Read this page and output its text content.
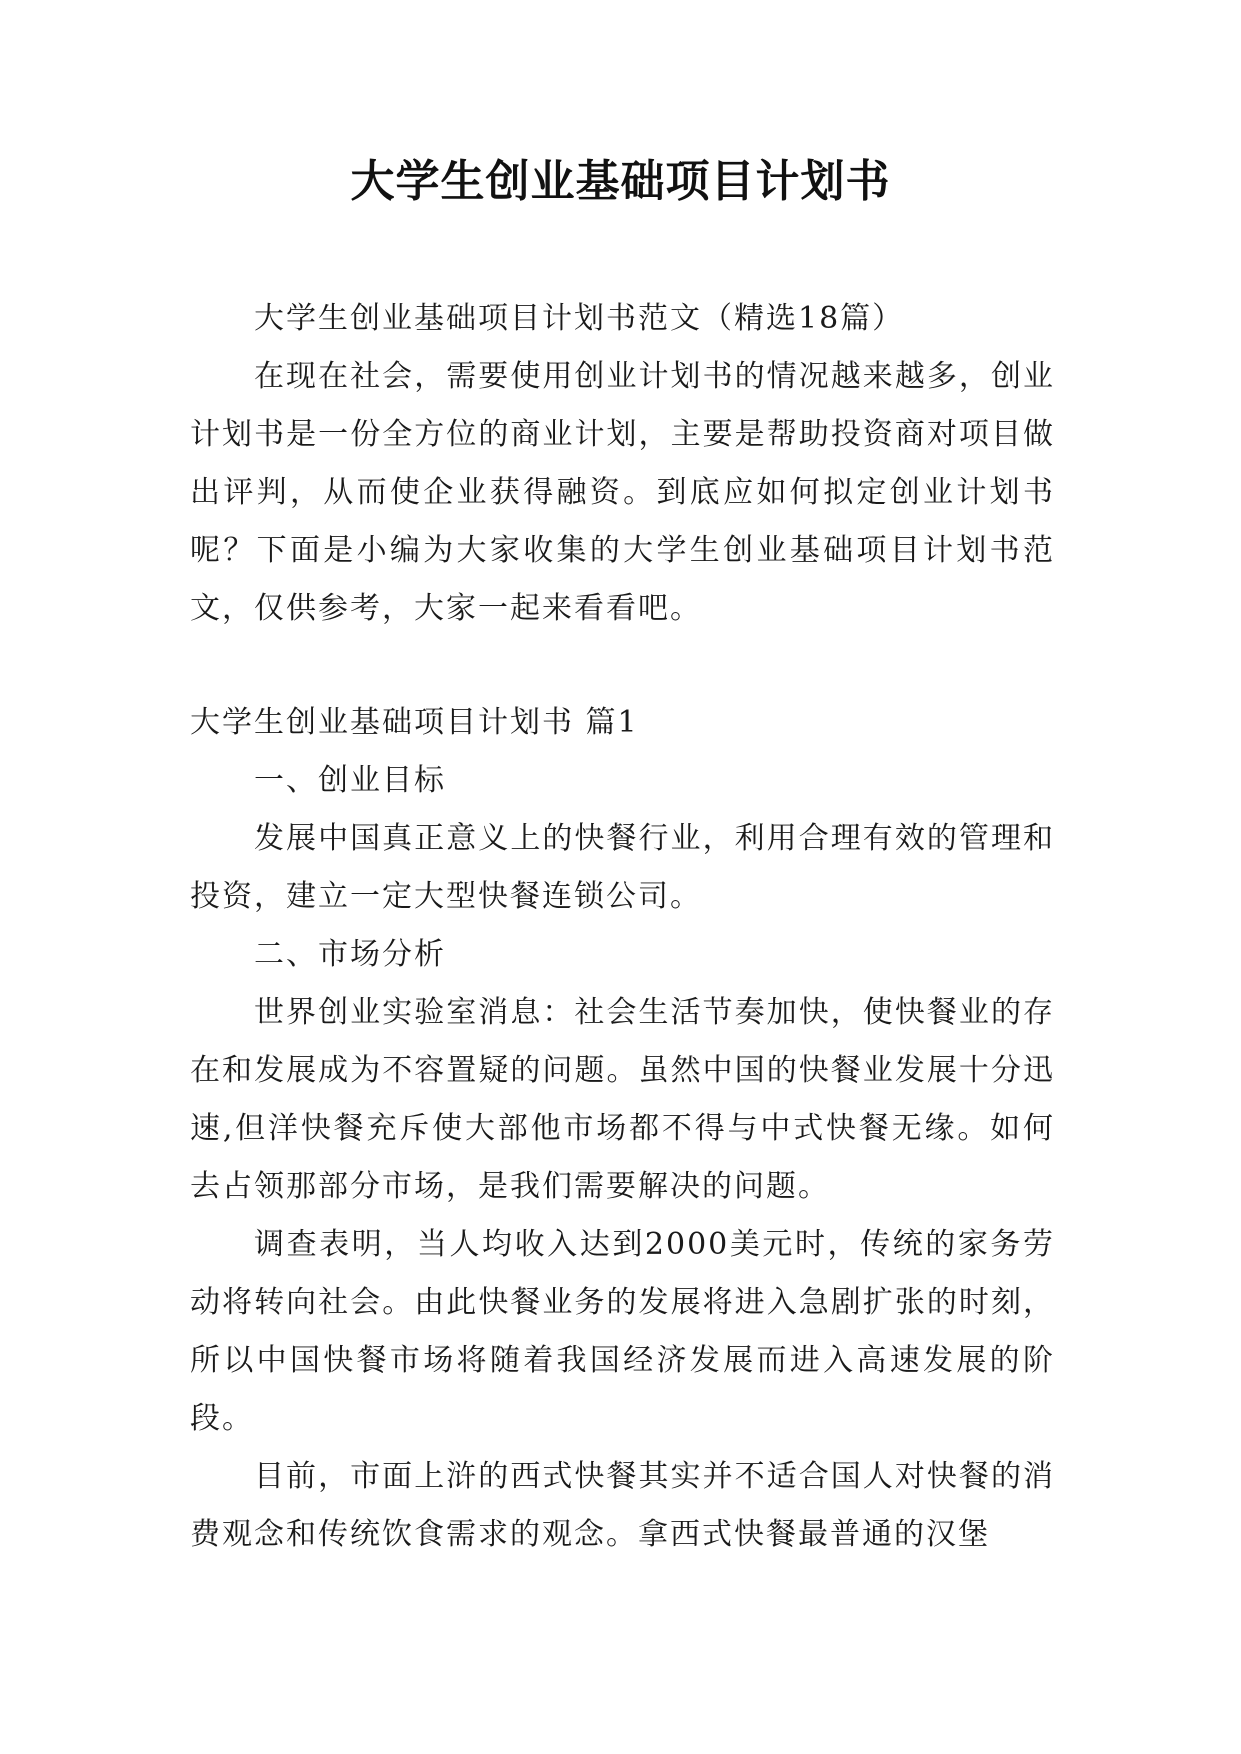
大学生创业基础项目计划书

大学生创业基础项目计划书范文（精选18篇）

在现在社会，需要使用创业计划书的情况越来越多，创业计划书是一份全方位的商业计划，主要是帮助投资商对项目做出评判，从而使企业获得融资。到底应如何拟定创业计划书呢？下面是小编为大家收集的大学生创业基础项目计划书范文，仅供参考，大家一起来看看吧。

大学生创业基础项目计划书 篇1

一、创业目标

发展中国真正意义上的快餐行业，利用合理有效的管理和投资，建立一定大型快餐连锁公司。

二、市场分析

世界创业实验室消息：社会生活节奏加快，使快餐业的存在和发展成为不容置疑的问题。虽然中国的快餐业发展十分迅速,但洋快餐充斥使大部他市场都不得与中式快餐无缘。如何去占领那部分市场，是我们需要解决的问题。

调查表明，当人均收入达到2000美元时，传统的家务劳动将转向社会。由此快餐业务的发展将进入急剧扩张的时刻，所以中国快餐市场将随着我国经济发展而进入高速发展的阶段。

目前，市面上浒的西式快餐其实并不适合国人对快餐的消费观念和传统饮食需求的观念。拿西式快餐最普通的汉堡
